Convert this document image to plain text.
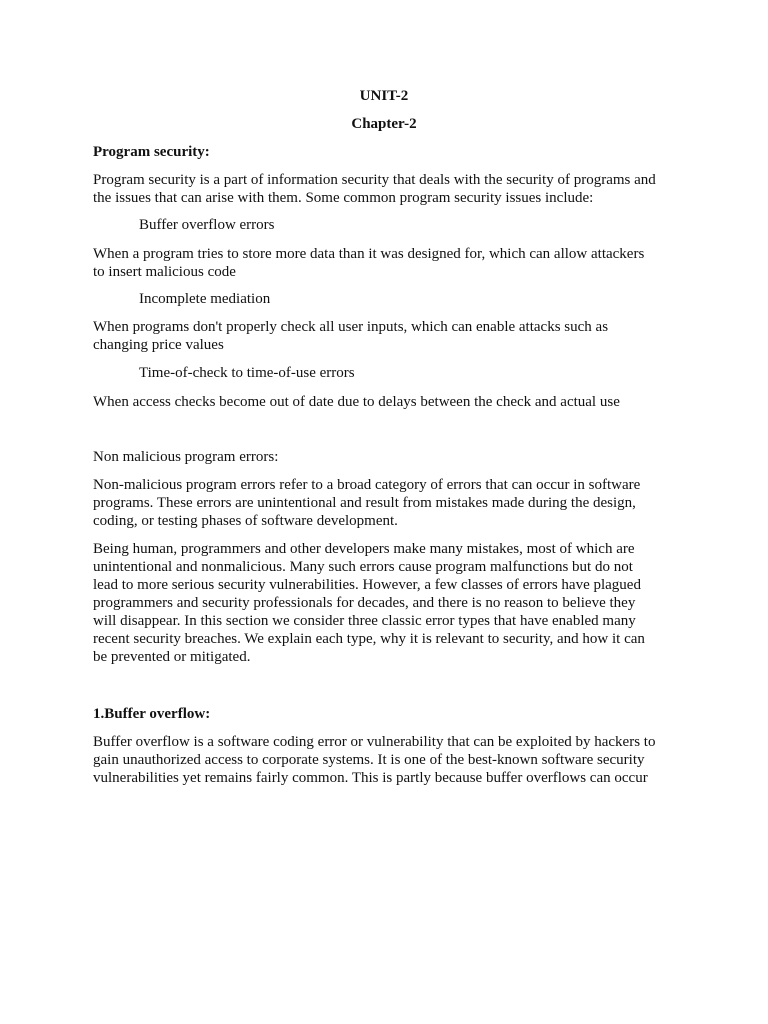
UNIT-2
Chapter-2
Program security:
Program security is a part of information security that deals with the security of programs and
the issues that can arise with them. Some common program security issues include:
Buffer overflow errors
When a program tries to store more data than it was designed for, which can allow attackers
to insert malicious code
Incomplete mediation
When programs don't properly check all user inputs, which can enable attacks such as
changing price values
Time-of-check to time-of-use errors
When access checks become out of date due to delays between the check and actual use
Non malicious program errors:
Non-malicious program errors refer to a broad category of errors that can occur in software
programs. These errors are unintentional and result from mistakes made during the design,
coding, or testing phases of software development.
Being human, programmers and other developers make many mistakes, most of which are
unintentional and nonmalicious. Many such errors cause program malfunctions but do not
lead to more serious security vulnerabilities. However, a few classes of errors have plagued
programmers and security professionals for decades, and there is no reason to believe they
will disappear. In this section we consider three classic error types that have enabled many
recent security breaches. We explain each type, why it is relevant to security, and how it can
be prevented or mitigated.
1.Buffer overflow:
Buffer overflow is a software coding error or vulnerability that can be exploited by hackers to
gain unauthorized access to corporate systems. It is one of the best-known software security
vulnerabilities yet remains fairly common. This is partly because buffer overflows can occur
